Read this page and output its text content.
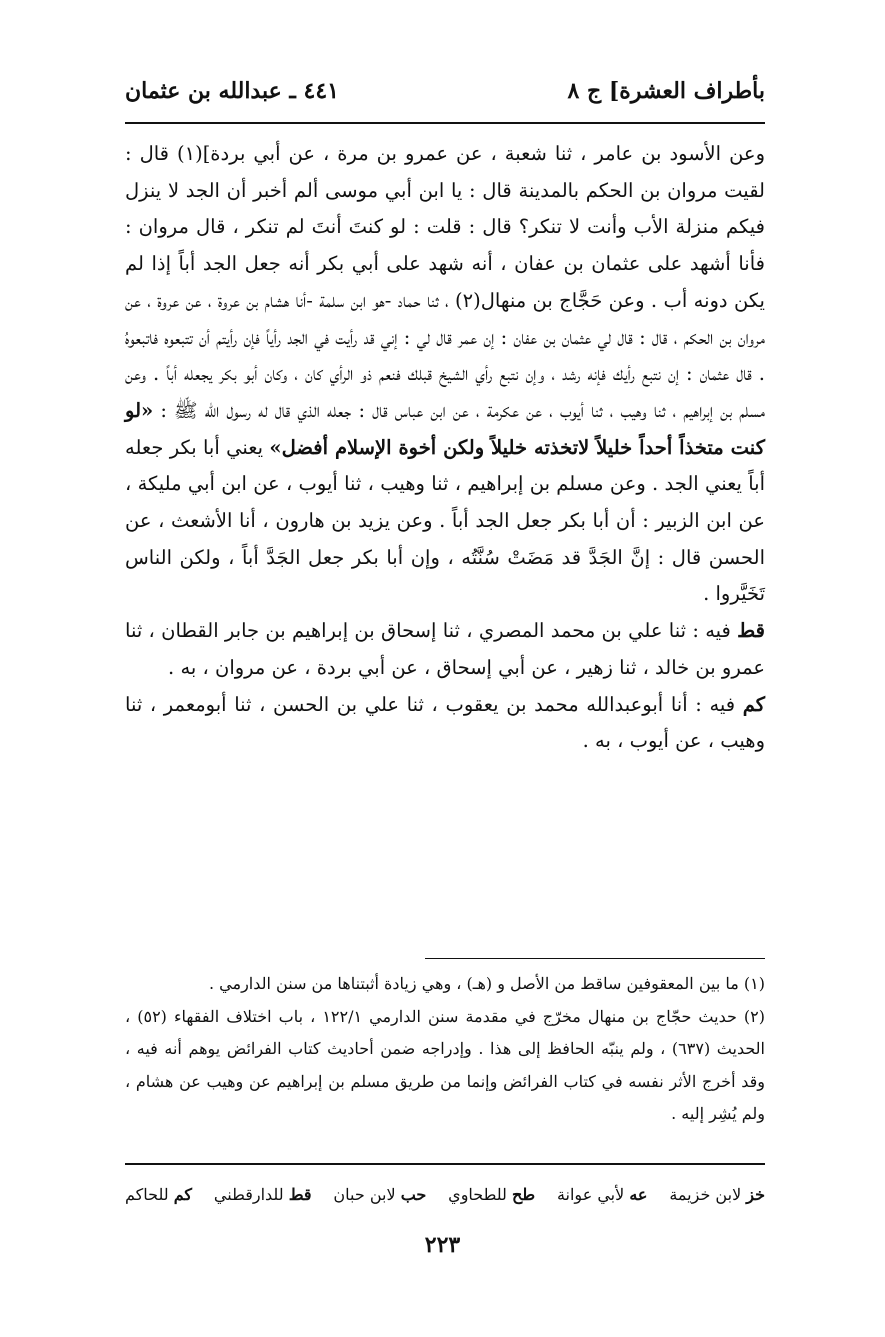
بأطراف العشرة] ج ٨
٤٤١ ـ عبدالله بن عثمان

وعن الأسود بن عامر ، ثنا شعبة ، عن عمرو بن مرة ، عن أبي بردة](١) قال : لقيت مروان بن الحكم بالمدينة قال : يا ابن أبي موسى ألم أخبر أن الجد لا ينزل فيكم منزلة الأب وأنت لا تنكر؟ قال : قلت : لو كنتَ أنتَ لم تنكر ، قال مروان : فأنا أشهد على عثمان بن عفان ، أنه شهد على أبي بكر أنه جعل الجد أباً إذا لم يكن دونه أب . وعن حَجَّاج بن منهال(٢) ، ثنا حماد -هو ابن سلمة -أنا هشام بن عروة ، عن عروة ، عن مروان بن الحكم ، قال : قال لي عثمان بن عفان : إن عمر قال لي : إني قد رأيت في الجد رأياً فإن رأيتم أن تتبعوه فاتبعوهُ . قال عثمان : إن نتبع رأيك فإنه رشد ، وإن نتبع رأي الشيخ قبلك فنعم ذو الرأي كان ، وكان أبو بكر يجعله أباً . وعن مسلم بن إبراهيم ، ثنا وهيب ، ثنا أيوب ، عن عكرمة ، عن ابن عباس قال : جعله الذي قال له رسول الله ﷺ : «لو كنت متخذاً أحداً خليلاً لاتخذته خليلاً ولكن أخوة الإسلام أفضل» يعني أبا بكر جعله أباً يعني الجد . وعن مسلم بن إبراهيم ، ثنا وهيب ، ثنا أيوب ، عن ابن أبي مليكة ، عن ابن الزبير : أن أبا بكر جعل الجد أباً . وعن يزيد بن هارون ، أنا الأشعث ، عن الحسن قال : إنَّ الجَدَّ قد مَضَتْ سُنَّتُه ، وإن أبا بكر جعل الجَدَّ أباً ، ولكن الناس تَخَيَّروا .

قط فيه : ثنا علي بن محمد المصري ، ثنا إسحاق بن إبراهيم بن جابر القطان ، ثنا عمرو بن خالد ، ثنا زهير ، عن أبي إسحاق ، عن أبي بردة ، عن مروان ، به .

كم فيه : أنا أبوعبدالله محمد بن يعقوب ، ثنا علي بن الحسن ، ثنا أبومعمر ، ثنا وهيب ، عن أيوب ، به .

(١) ما بين المعقوفين ساقط من الأصل و (هـ) ، وهي زيادة أثبتناها من سنن الدارمي .

(٢) حديث حجّاج بن منهال مخرّج في مقدمة سنن الدارمي ١٢٢/١ ، باب اختلاف الفقهاء (٥٢) ، الحديث (٦٣٧) ، ولم ينبّه الحافظ إلى هذا . وإدراجه ضمن أحاديث كتاب الفرائض يوهم أنه فيه ، وقد أخرج الأثر نفسه في كتاب الفرائض وإنما من طريق مسلم بن إبراهيم عن وهيب عن هشام ، ولم يُشِر إليه .

خز لابن خزيمة
عه لأبي عوانة
طح للطحاوي
حب لابن حبان
قط للدارقطني
كم للحاكم
٢٢٣
